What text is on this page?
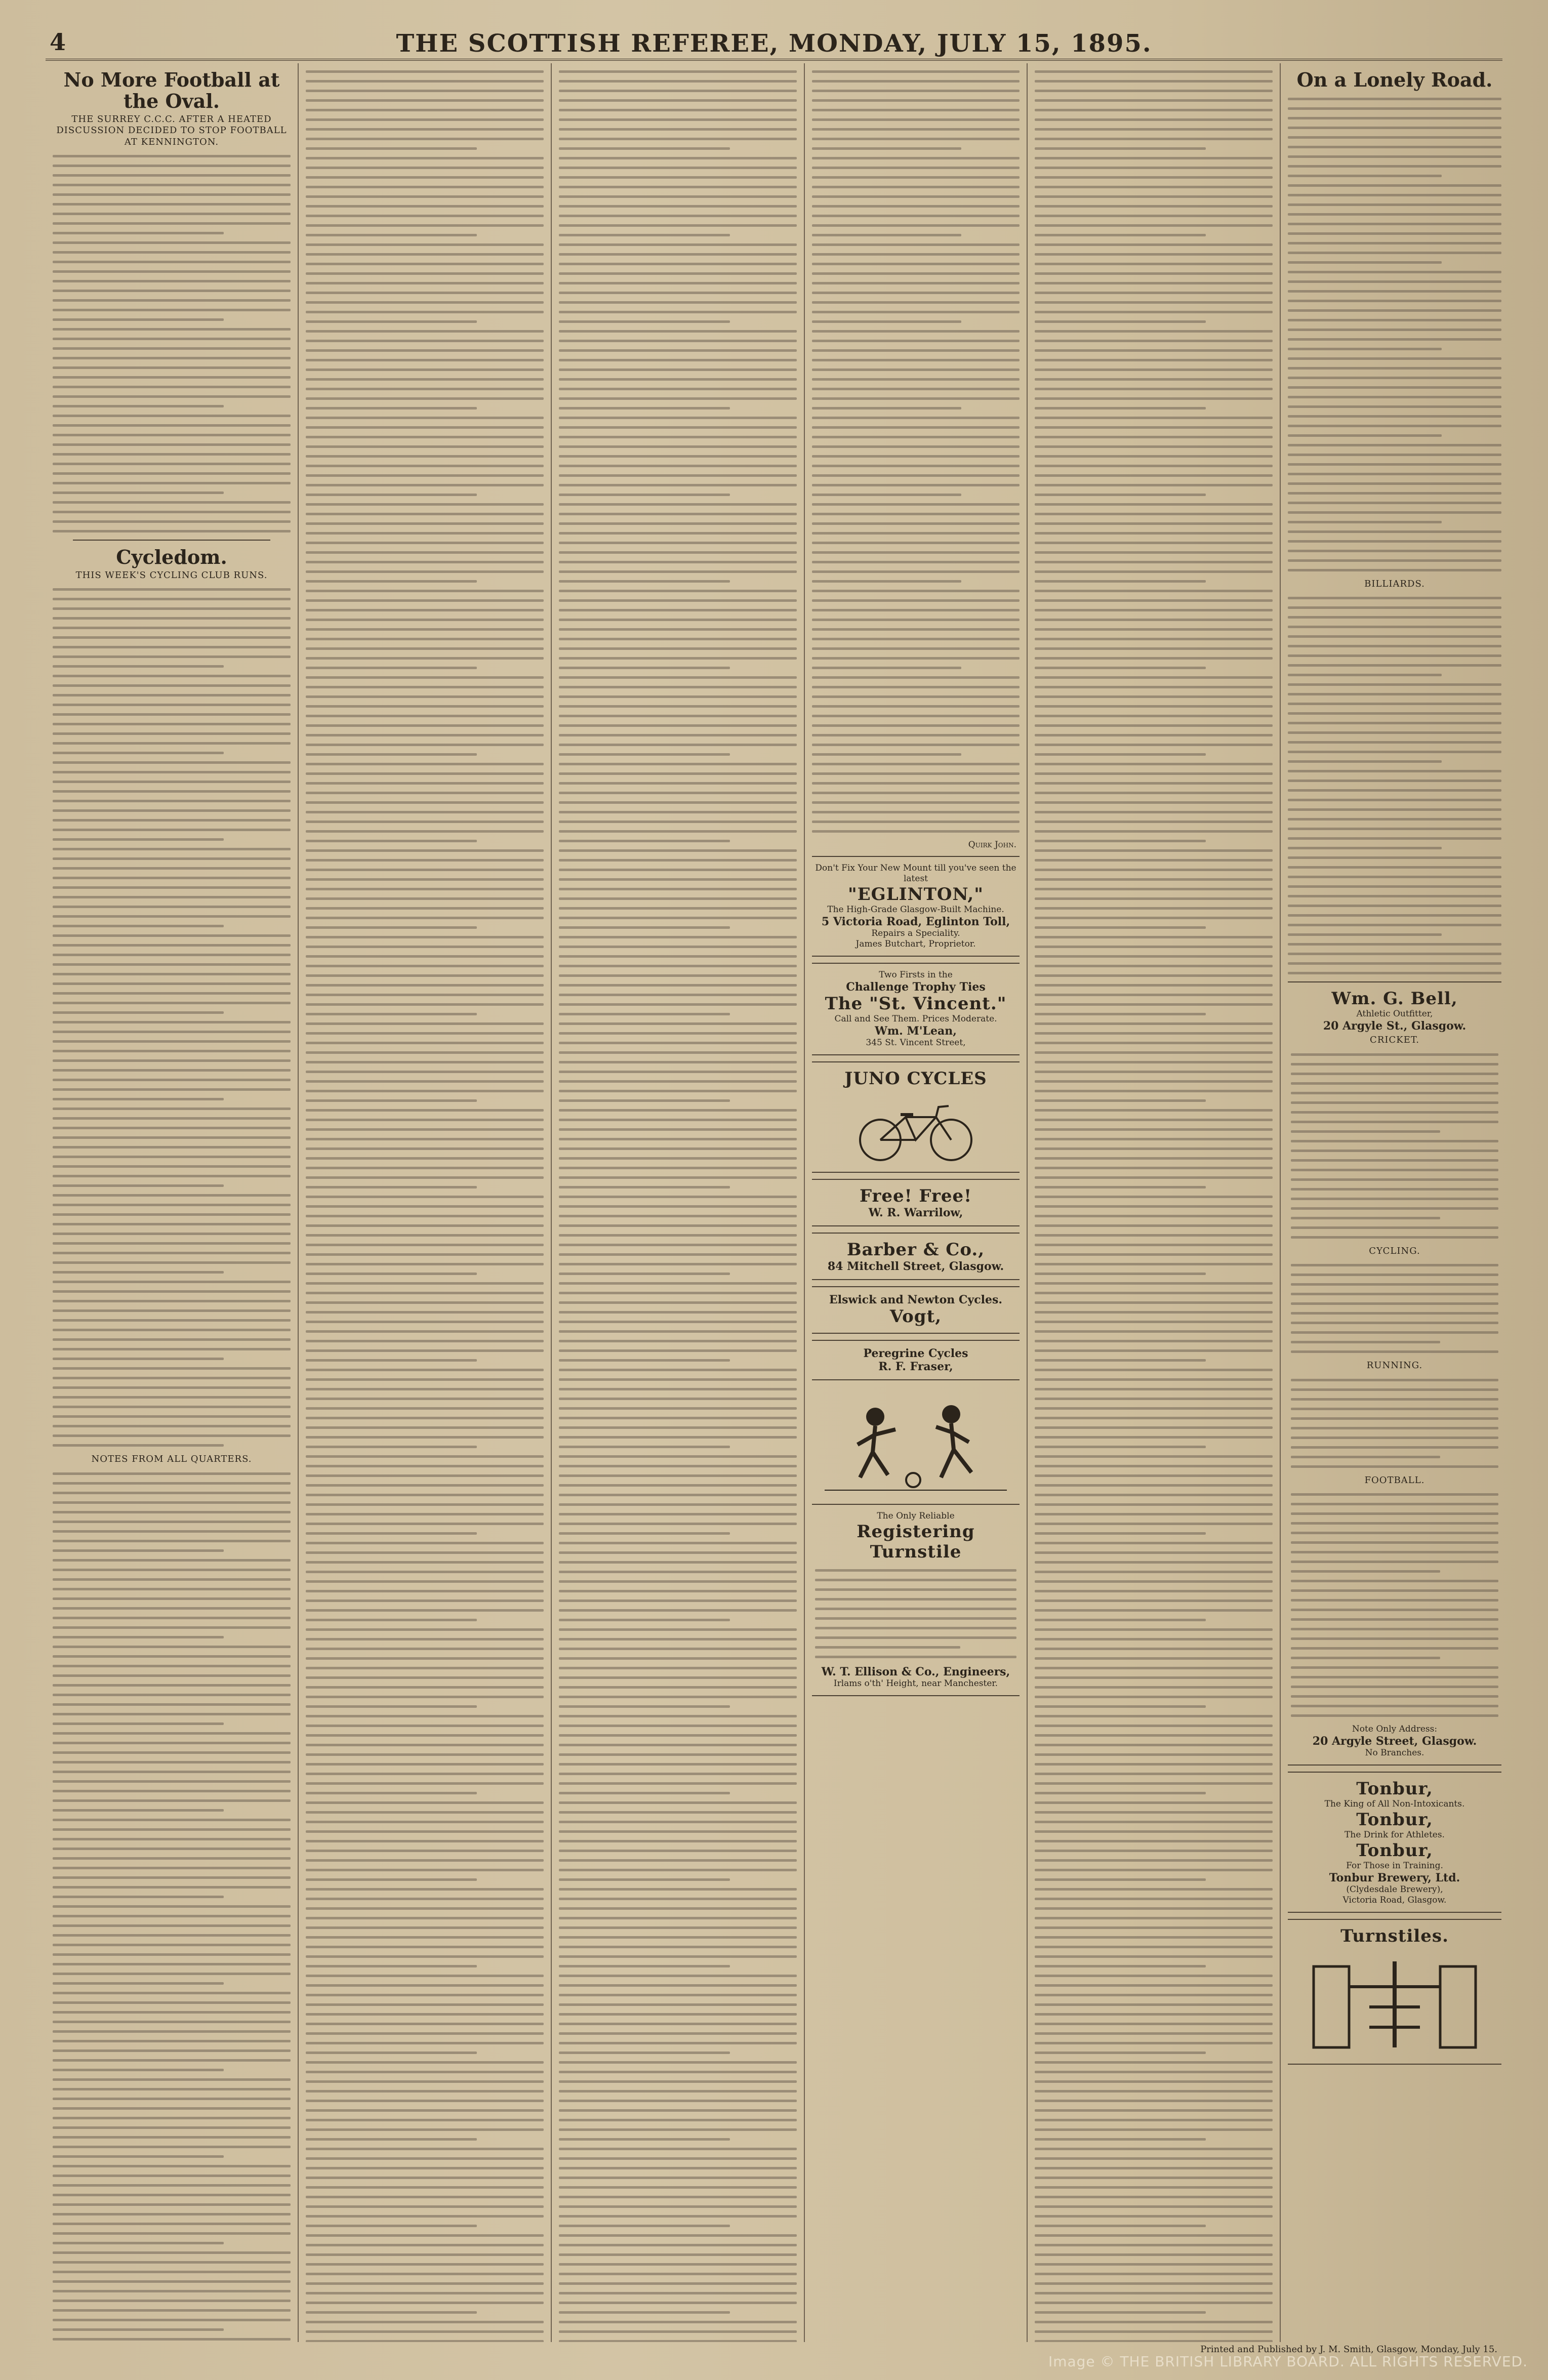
4	THE SCOTTISH REFEREE, MONDAY, JULY 15, 1895.
No More Football at the Oval.
THE SURREY C.C.C. AFTER A HEATED DISCUSSION DECIDED TO STOP FOOTBALL AT KENNINGTON.
Cycledom.
THIS WEEK'S CYCLING CLUB RUNS.
NOTES FROM ALL QUARTERS.
Quirk John.
Don't Fix Your New Mount till you've seen the latest
"EGLINTON,"
The High-Grade Glasgow-Built Machine.
5 Victoria Road, Eglinton Toll,
Repairs a Speciality.
James Butchart, Proprietor.
Two Firsts in the
Challenge Trophy Ties
The "St. Vincent."
Call and See Them. Prices Moderate.
Wm. M'Lean,
345 St. Vincent Street,
JUNO CYCLES
Free! Free!
W. R. Warrilow,
Barber & Co.,
84 Mitchell Street, Glasgow.
Elswick and Newton Cycles.
Vogt,
Peregrine Cycles
R. F. Fraser,
The Only Reliable
Registering Turnstile
W. T. Ellison & Co., Engineers,
Irlams o'th' Height, near Manchester.
On a Lonely Road.
BILLIARDS.
Wm. G. Bell,
Athletic Outfitter,
20 Argyle St., Glasgow.
CRICKET.
CYCLING.
RUNNING.
FOOTBALL.
Note Only Address:
20 Argyle Street, Glasgow.
No Branches.
Tonbur,
The King of All Non-Intoxicants.
Tonbur,
The Drink for Athletes.
Tonbur,
For Those in Training.
Tonbur Brewery, Ltd.
(Clydesdale Brewery),
Victoria Road, Glasgow.
Turnstiles.
Printed and Published by J. M. Smith, Glasgow, Monday, July 15.
Image © THE BRITISH LIBRARY BOARD. ALL RIGHTS RESERVED.
